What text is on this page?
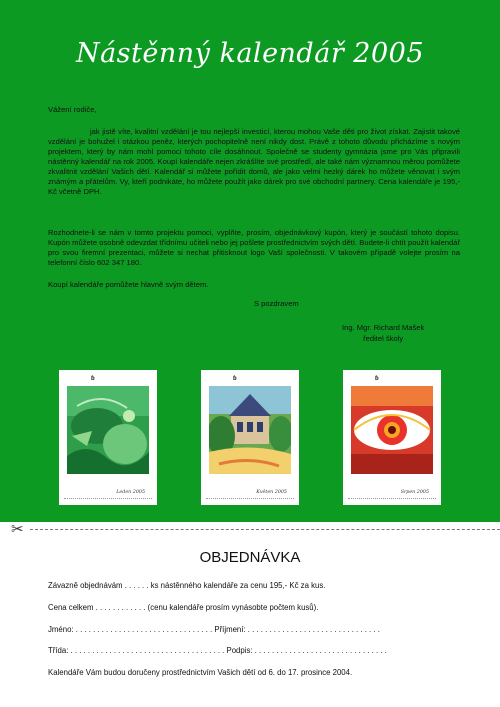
Nástěnný kalendář 2005
Vážení rodiče,
jak jistě víte, kvalitní vzdělání je tou nejlepší investicí, kterou mohou Vaše děti pro život získat. Zajistit takové vzdělání je bohužel i otázkou peněz, kterých pochopitelně není nikdy dost. Právě z tohoto důvodu přicházíme s novým projektem, který by nám mohl pomoci tohoto cíle dosáhnout. Společně se studenty gymnázia jsme pro Vás připravili nástěnný kalendář na rok 2005. Koupí kalendáře nejen zkrášlíte své prostředí, ale také nám významnou měrou pomůžete zkvalitnit vzdělání Vašich dětí. Kalendář si můžete pořídit domů, ale jako velmi hezký dárek ho můžete věnovat i svým známým a přátelům. Vy, kteří podnikáte, ho můžete použít jako dárek pro své obchodní partnery. Cena kalendáře je 195,- Kč včetně DPH.
Rozhodnete-li se nám v tomto projektu pomoci, vyplňte, prosím, objednávkový kupón, který je součástí tohoto dopisu. Kupón můžete osobně odevzdat třídnímu učiteli nebo jej pošlete prostřednictvím svých dětí. Budete-li chtít použít kalendář pro svou firemní prezentaci, můžete si nechat přitisknout logo Vaší společnosti. V takovém případě volejte prosím na telefonní číslo 602 347 180.
Koupí kalendáře pomůžete hlavně svým dětem.
S pozdravem
Ing. Mgr. Richard Mašek
ředitel školy
ɓ
Leden 2005
ɓ
Květen 2005
ɓ
Srpen 2005
✂
OBJEDNÁVKA
Závazně objednávám . . . . . . ks nástěnného kalendáře za cenu 195,- Kč za kus.
Cena celkem . . . . . . . . . . . . (cenu kalendáře prosím vynásobte počtem kusů).
Jméno: . . . . . . . . . . . . . . . . . . . . . . . . . . . . . . . . Příjmení: . . . . . . . . . . . . . . . . . . . . . . . . . . . . . . .
Třída: . . . . . . . . . . . . . . . . . . . . . . . . . . . . . . . . . . . . Podpis: . . . . . . . . . . . . . . . . . . . . . . . . . . . . . . .
Kalendáře Vám budou doručeny prostřednictvím Vašich dětí od 6. do 17. prosince 2004.
